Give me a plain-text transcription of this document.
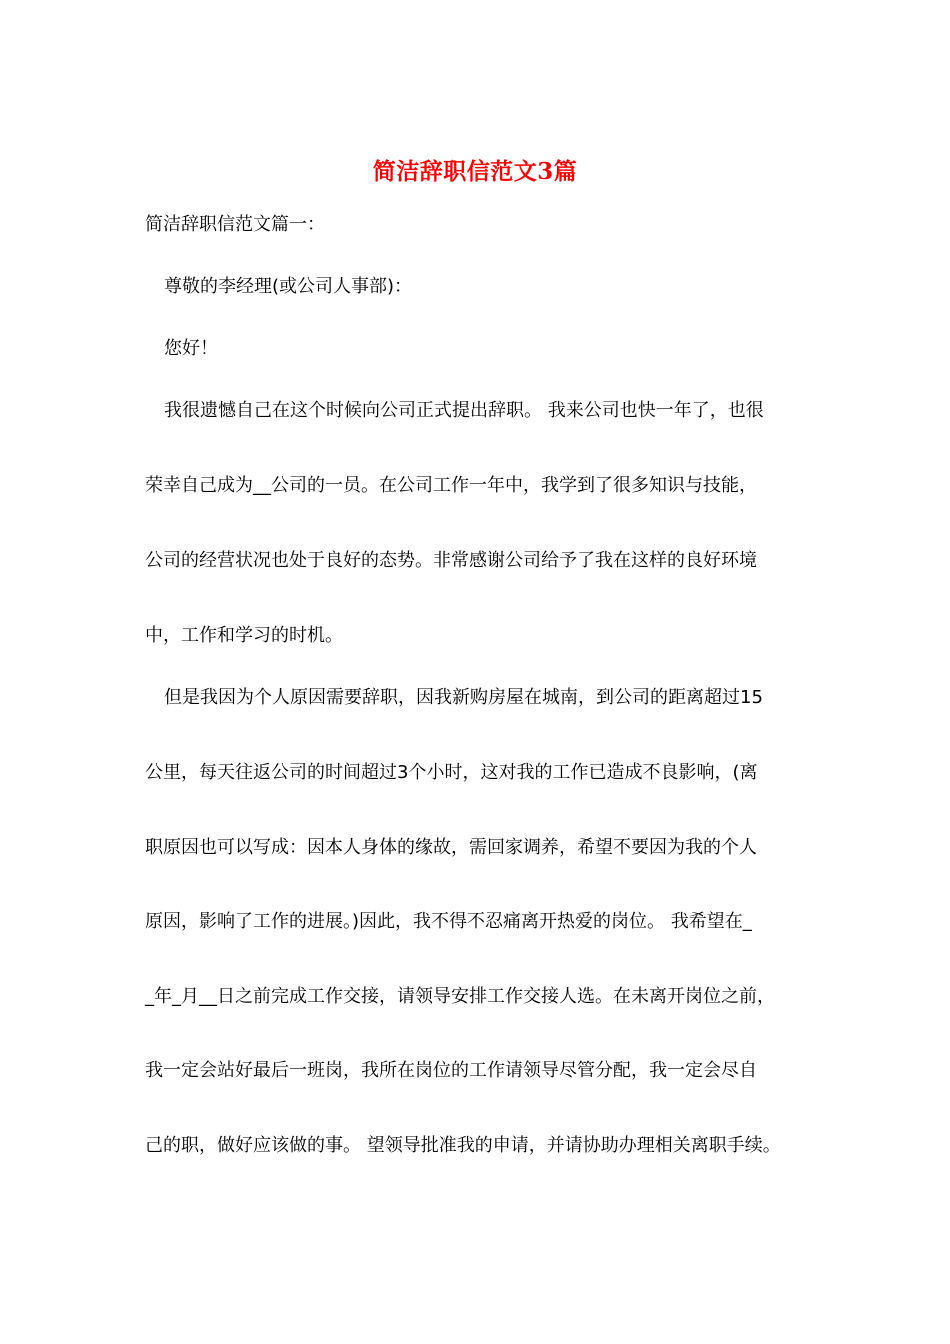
简洁辞职信范文3篇
简洁辞职信范文篇一：
尊敬的李经理(或公司人事部)：
您好！
我很遗憾自己在这个时候向公司正式提出辞职。 我来公司也快一年了，也很
荣幸自己成为__公司的一员。在公司工作一年中，我学到了很多知识与技能，
公司的经营状况也处于良好的态势。非常感谢公司给予了我在这样的良好环境
中，工作和学习的时机。
但是我因为个人原因需要辞职，因我新购房屋在城南，到公司的距离超过15
公里，每天往返公司的时间超过3个小时，这对我的工作已造成不良影响，(离
职原因也可以写成：因本人身体的缘故，需回家调养，希望不要因为我的个人
原因，影响了工作的进展。)因此，我不得不忍痛离开热爱的岗位。 我希望在_
_年_月__日之前完成工作交接，请领导安排工作交接人选。在未离开岗位之前，
我一定会站好最后一班岗，我所在岗位的工作请领导尽管分配，我一定会尽自
己的职，做好应该做的事。 望领导批准我的申请，并请协助办理相关离职手续。
